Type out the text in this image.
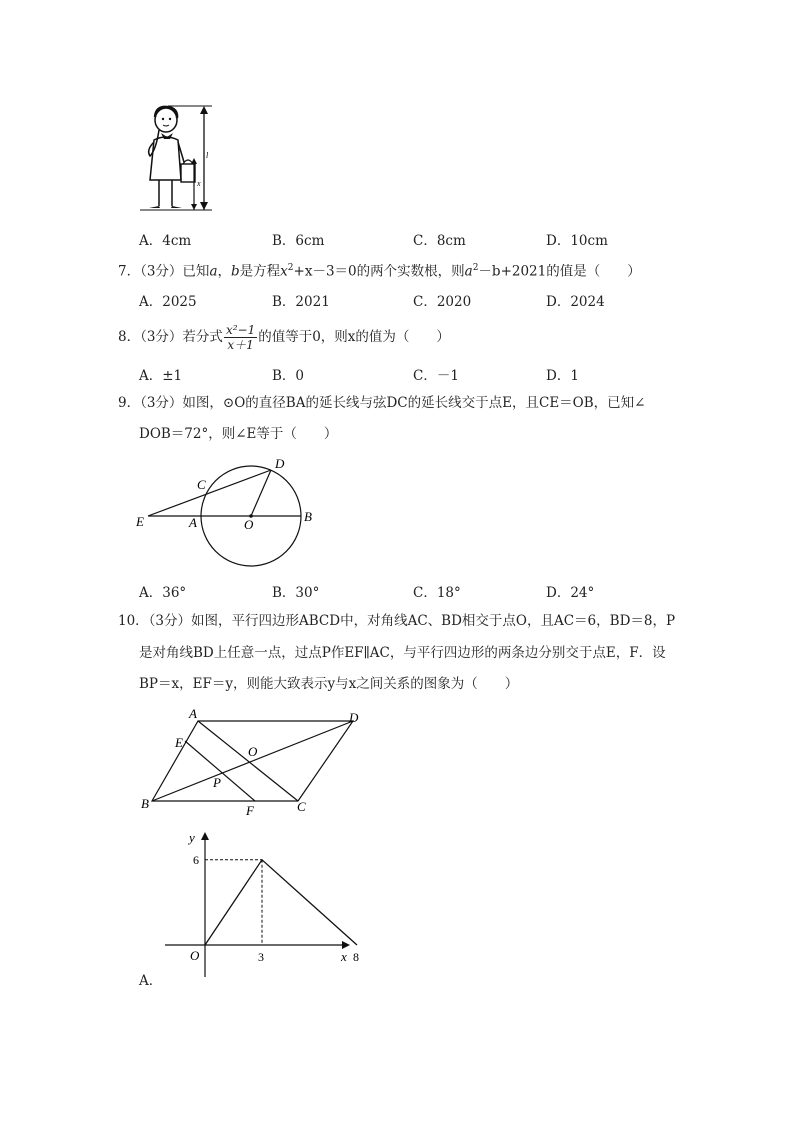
l
x
A．4cm	B．6cm	C．8cm	D．10cm
7．（3分）已知a，b是方程$x^2+x-3=0$的两个实数根，则$a^2-b+2021$的值是（　　）
A．2025	B．2021	C．2020	D．2024
8．（3分）若分式 $\frac{\text{x²−1}}{x+1}$ 的值等于0，则x的值为（　　）
A．±1	B．0	C．－1	D．1
9．（3分）如图，⊙O的直径BA的延长线与弦DC的延长线交于点E，且CE＝OB，已知∠
DOB＝72°，则∠E等于（　　）
E	A	O
B
C
D
A．36°	B．30°	C．18°	D．24°
10．（3分）如图，平行四边形ABCD中，对角线AC、BD相交于点O，且AC＝6，BD＝8，P
是对角线BD上任意一点，过点P作EF∥AC，与平行四边形的两条边分别交于点E，F．设
BP＝x，EF＝y，则能大致表示y与x之间关系的图象为（　　）
A	D
E
O
P
B	F	C
x
y
O	3	8
6
A．
